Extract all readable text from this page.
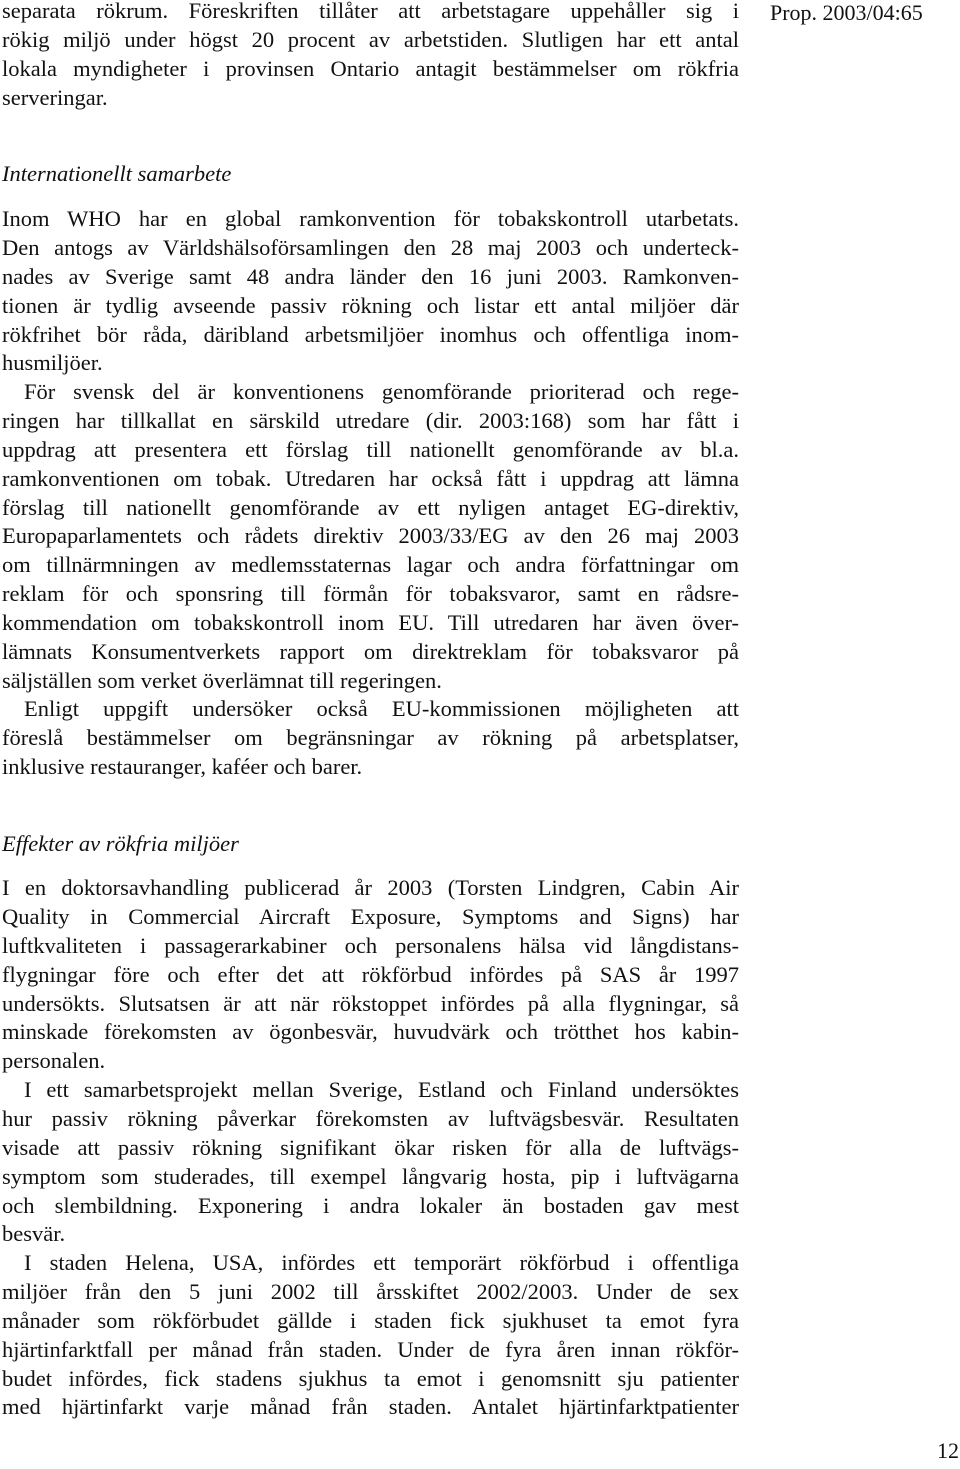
Prop. 2003/04:65
separata rökrum. Föreskriften tillåter att arbetstagare uppehåller sig i
rökig miljö under högst 20 procent av arbetstiden. Slutligen har ett antal
lokala myndigheter i provinsen Ontario antagit bestämmelser om rökfria
serveringar.
Internationellt samarbete
Inom WHO har en global ramkonvention för tobakskontroll utarbetats.
Den antogs av Världshälsoförsamlingen den 28 maj 2003 och underteck-
nades av Sverige samt 48 andra länder den 16 juni 2003. Ramkonven-
tionen är tydlig avseende passiv rökning och listar ett antal miljöer där
rökfrihet bör råda, däribland arbetsmiljöer inomhus och offentliga inom-
husmiljöer.
För svensk del är konventionens genomförande prioriterad och rege-
ringen har tillkallat en särskild utredare (dir. 2003:168) som har fått i
uppdrag att presentera ett förslag till nationellt genomförande av bl.a.
ramkonventionen om tobak. Utredaren har också fått i uppdrag att lämna
förslag till nationellt genomförande av ett nyligen antaget EG-direktiv,
Europaparlamentets och rådets direktiv 2003/33/EG av den 26 maj 2003
om tillnärmningen av medlemsstaternas lagar och andra författningar om
reklam för och sponsring till förmån för tobaksvaror, samt en rådsre-
kommendation om tobakskontroll inom EU. Till utredaren har även över-
lämnats Konsumentverkets rapport om direktreklam för tobaksvaror på
säljställen som verket överlämnat till regeringen.
Enligt uppgift undersöker också EU-kommissionen möjligheten att
föreslå bestämmelser om begränsningar av rökning på arbetsplatser,
inklusive restauranger, kaféer och barer.
Effekter av rökfria miljöer
I en doktorsavhandling publicerad år 2003 (Torsten Lindgren, Cabin Air
Quality in Commercial Aircraft Exposure, Symptoms and Signs) har
luftkvaliteten i passagerarkabiner och personalens hälsa vid långdistans-
flygningar före och efter det att rökförbud infördes på SAS år 1997
undersökts. Slutsatsen är att när rökstoppet infördes på alla flygningar, så
minskade förekomsten av ögonbesvär, huvudvärk och trötthet hos kabin-
personalen.
I ett samarbetsprojekt mellan Sverige, Estland och Finland undersöktes
hur passiv rökning påverkar förekomsten av luftvägsbesvär. Resultaten
visade att passiv rökning signifikant ökar risken för alla de luftvägs-
symptom som studerades, till exempel långvarig hosta, pip i luftvägarna
och slembildning. Exponering i andra lokaler än bostaden gav mest
besvär.
I staden Helena, USA, infördes ett temporärt rökförbud i offentliga
miljöer från den 5 juni 2002 till årsskiftet 2002/2003. Under de sex
månader som rökförbudet gällde i staden fick sjukhuset ta emot fyra
hjärtinfarktfall per månad från staden. Under de fyra åren innan rökför-
budet infördes, fick stadens sjukhus ta emot i genomsnitt sju patienter
med hjärtinfarkt varje månad från staden. Antalet hjärtinfarktpatienter
12
